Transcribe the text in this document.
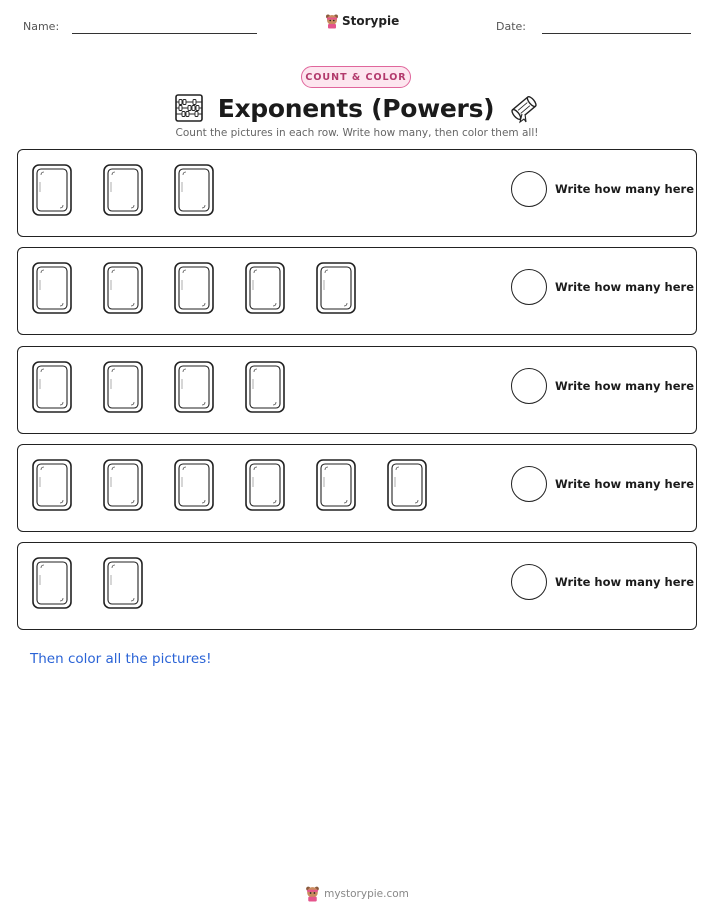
Name:	Storypie	Date:
COUNT & COLOR
Exponents (Powers)
Count the pictures in each row. Write how many, then color them all!
Write how many here
Write how many here
Write how many here
Write how many here
Write how many here
Then color all the pictures!
mystorypie.com
